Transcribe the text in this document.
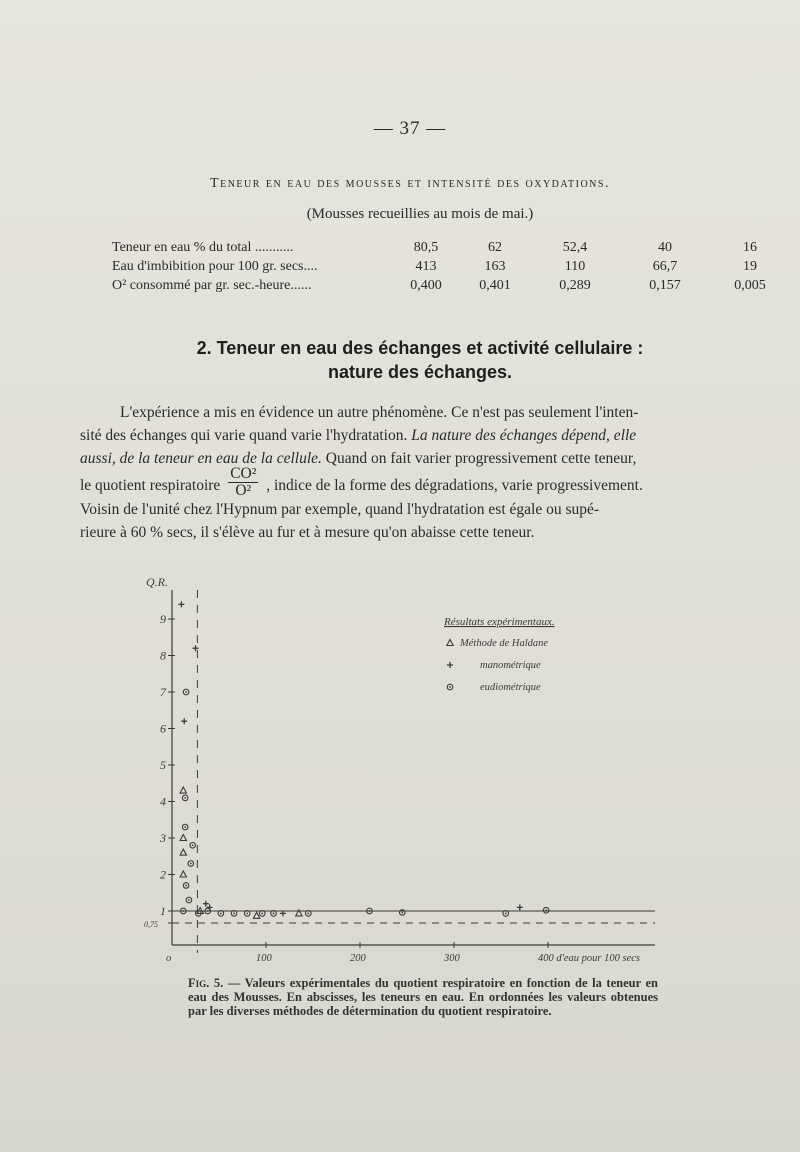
— 37 —
Teneur en eau des mousses et intensité des oxydations.
(Mousses recueillies au mois de mai.)
Teneur en eau % du total ...........	80,5	62	52,4	40	16
Eau d'imbibition pour 100 gr. secs....	413	163	110	66,7	19
O² consommé par gr. sec.-heure......	0,400	0,401	0,289	0,157	0,005
2. Teneur en eau des échanges et activité cellulaire :
nature des échanges.
L'expérience a mis en évidence un autre phénomène. Ce n'est pas seulement l'inten-
sité des échanges qui varie quand varie l'hydratation. La nature des échanges dépend, elle
aussi, de la teneur en eau de la cellule. Quand on fait varier progressivement cette teneur,
le quotient respiratoire $\frac{\text{CO²}}{\text{O²}}$ , indice de la forme des dégradations, varie progressivement.
Voisin de l'unité chez l'Hypnum par exemple, quand l'hydratation est égale ou supé-
rieure à 60 % secs, il s'élève au fur et à mesure qu'on abaisse cette teneur.
0,75
1
2
3
4
5
6
7
8
9
Q.R.
o	100	200	300	400 d'eau pour 100 secs
Résultats expérimentaux.
Méthode de Haldane
manométrique
eudiométrique
Fig. 5. — Valeurs expérimentales du quotient respiratoire en fonction de la teneur en eau des Mousses. En abscisses, les teneurs en eau. En ordonnées les valeurs obtenues par les diverses méthodes de détermination du quotient respiratoire.
